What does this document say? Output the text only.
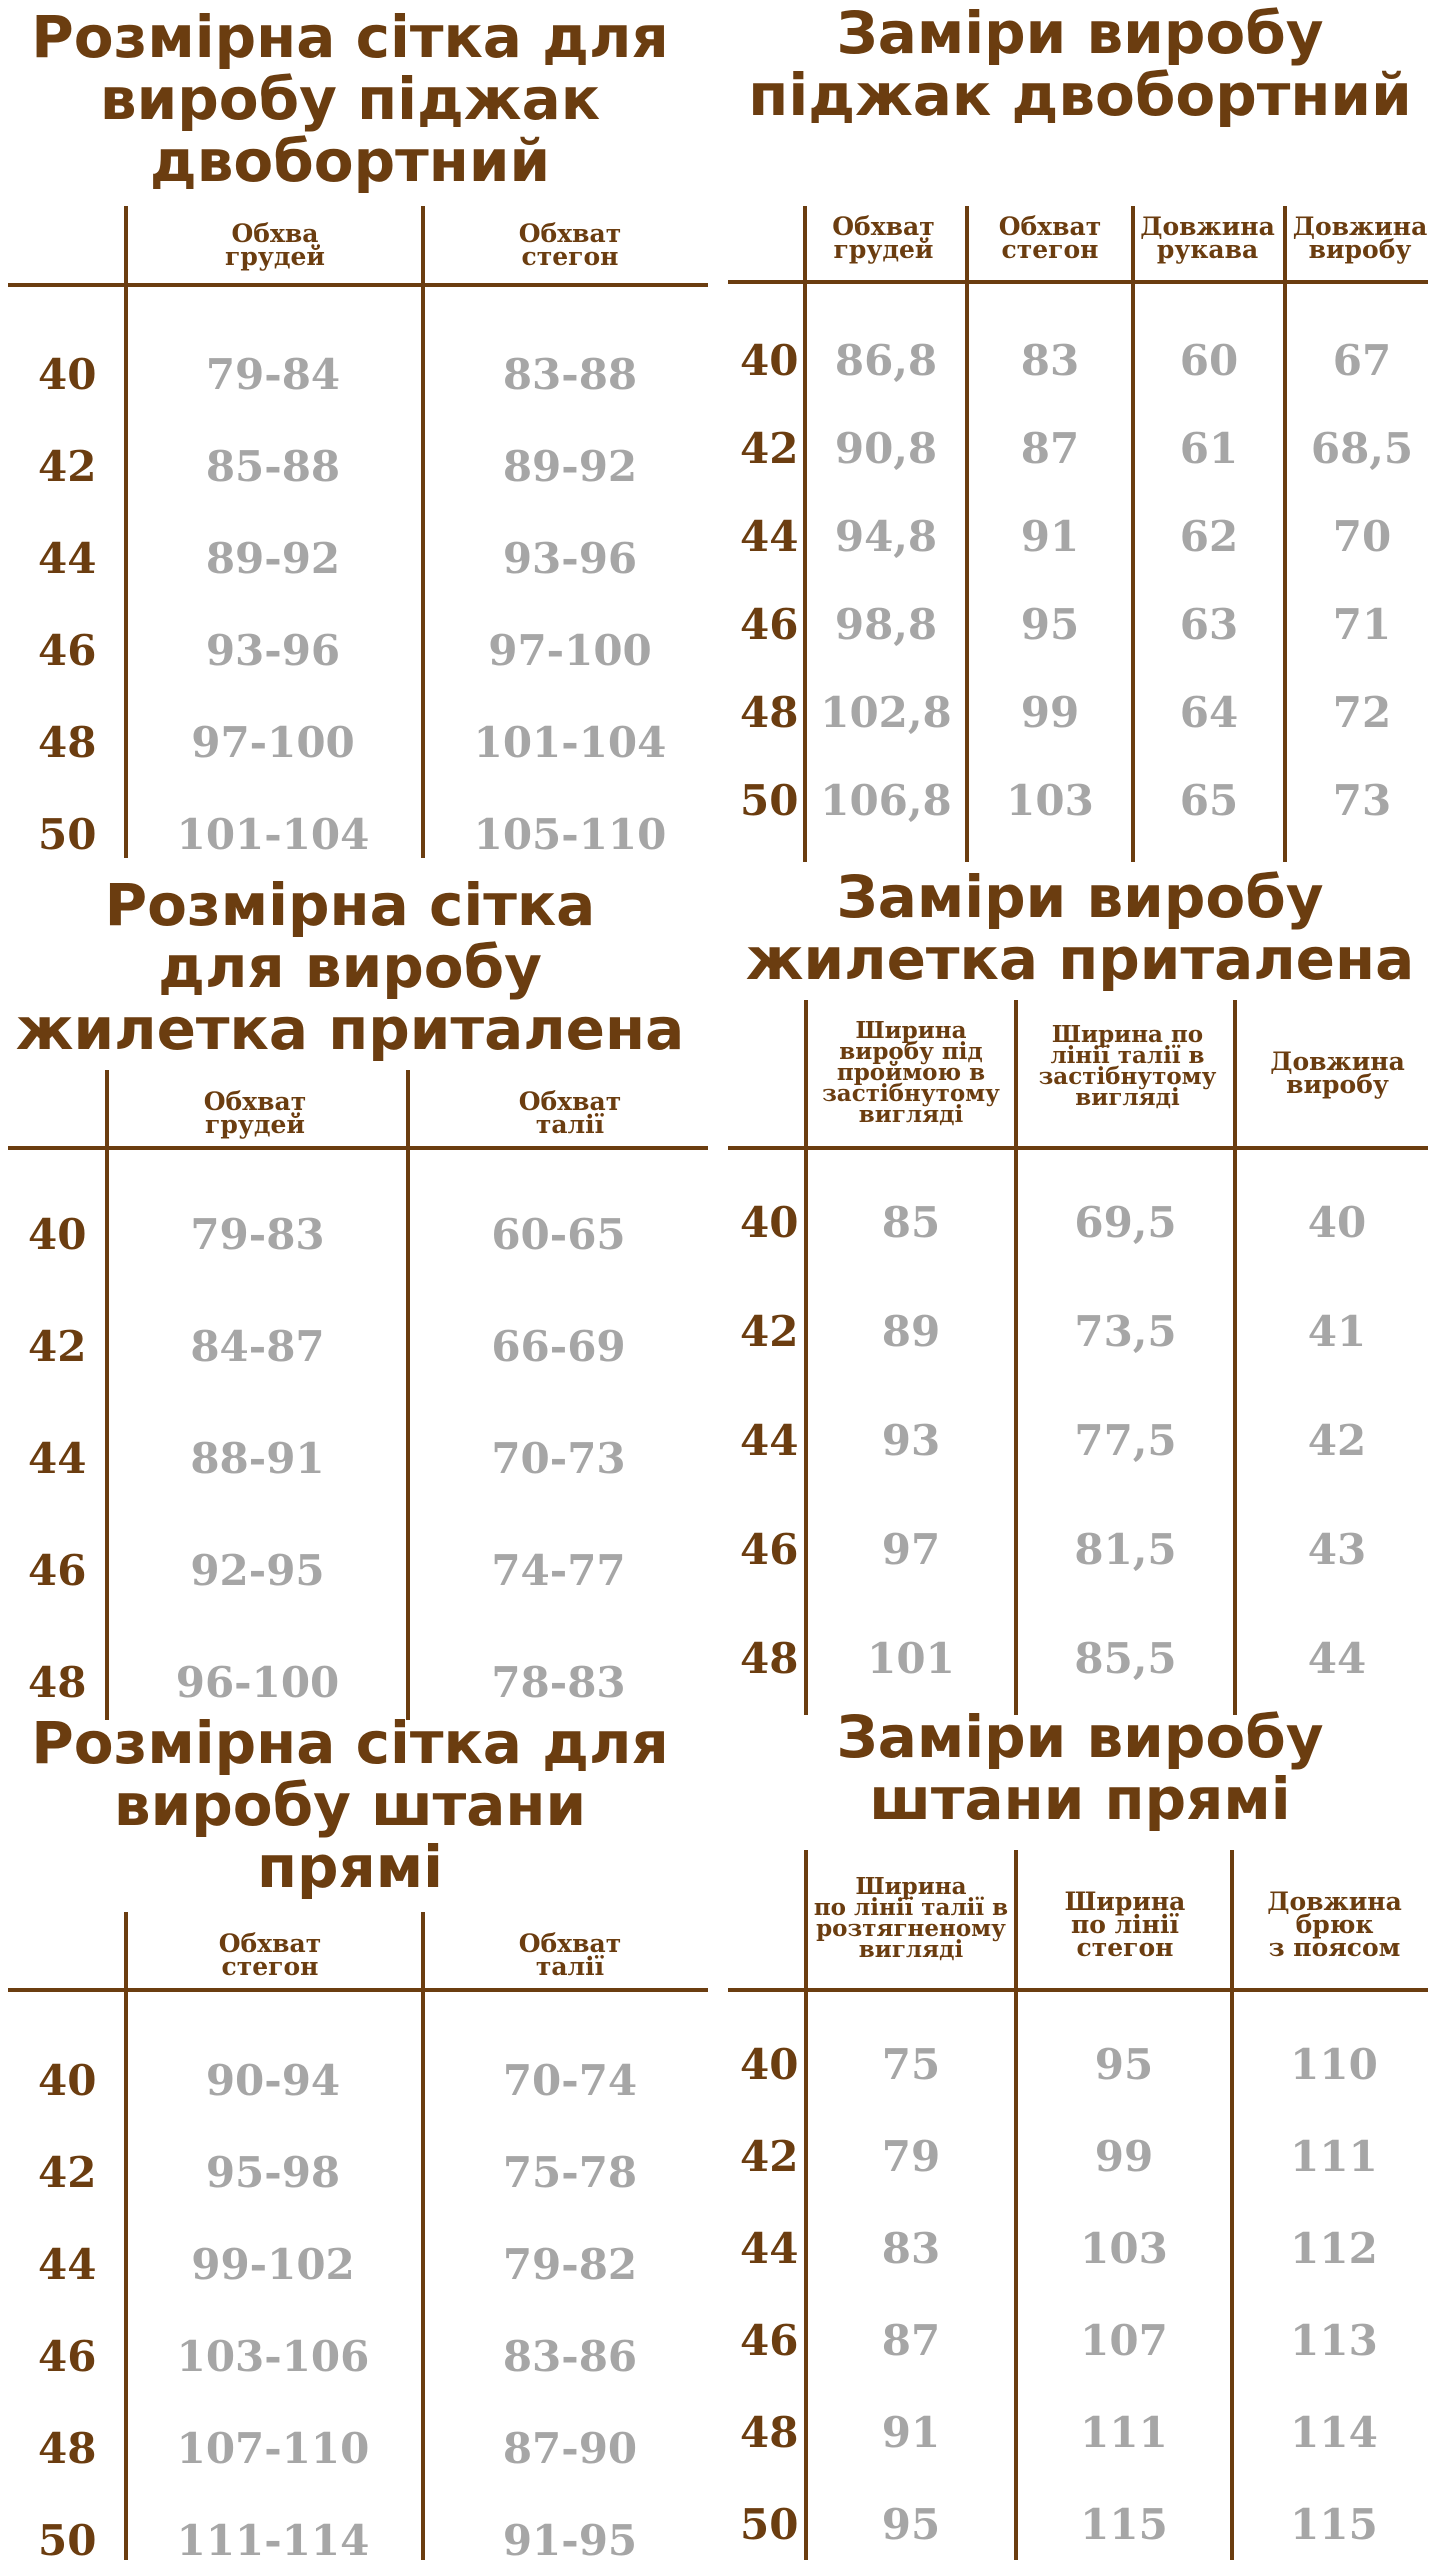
Розмірна сітка для
виробу піджак
двобортний
Обхва
грудей
Обхват
стегон
40	79-84	83-88
42	85-88	89-92
44	89-92	93-96
46	93-96	97-100
48	97-100	101-104
50	101-104	105-110
Заміри виробу
піджак двобортний
Обхват
грудей
Обхват
стегон
Довжина
рукава
Довжина
виробу
40 86,8	83	60	67
42 90,8	87	61	68,5
44 94,8	91	62	70
46 98,8	95	63	71
48 102,8	99	64	72
50 106,8	103	65	73
Розмірна сітка
для виробу
жилетка приталена
Обхват
грудей
Обхват
талії
40	79-83	60-65
42	84-87	66-69
44	88-91	70-73
46	92-95	74-77
48	96-100	78-83
Заміри виробу
жилетка приталена
Ширина
виробу під
проймою в
застібнутому
вигляді
Ширина по
лінії талії в
застібнутому
вигляді
Довжина
виробу
40	85	69,5	40
42	89	73,5	41
44	93	77,5	42
46	97	81,5	43
48	101	85,5	44
Розмірна сітка для
виробу штани
прямі
Обхват
стегон
Обхват
талії
40	90-94	70-74
42	95-98	75-78
44	99-102	79-82
46	103-106	83-86
48	107-110	87-90
50	111-114	91-95
Заміри виробу
штани прямі
Ширина
по лінії талії в
розтягненому
вигляді
Ширина
по лінії
стегон
Довжина
брюк
з поясом
40	75	95	110
42	79	99	111
44	83	103	112
46	87	107	113
48	91	111	114
50	95	115	115
